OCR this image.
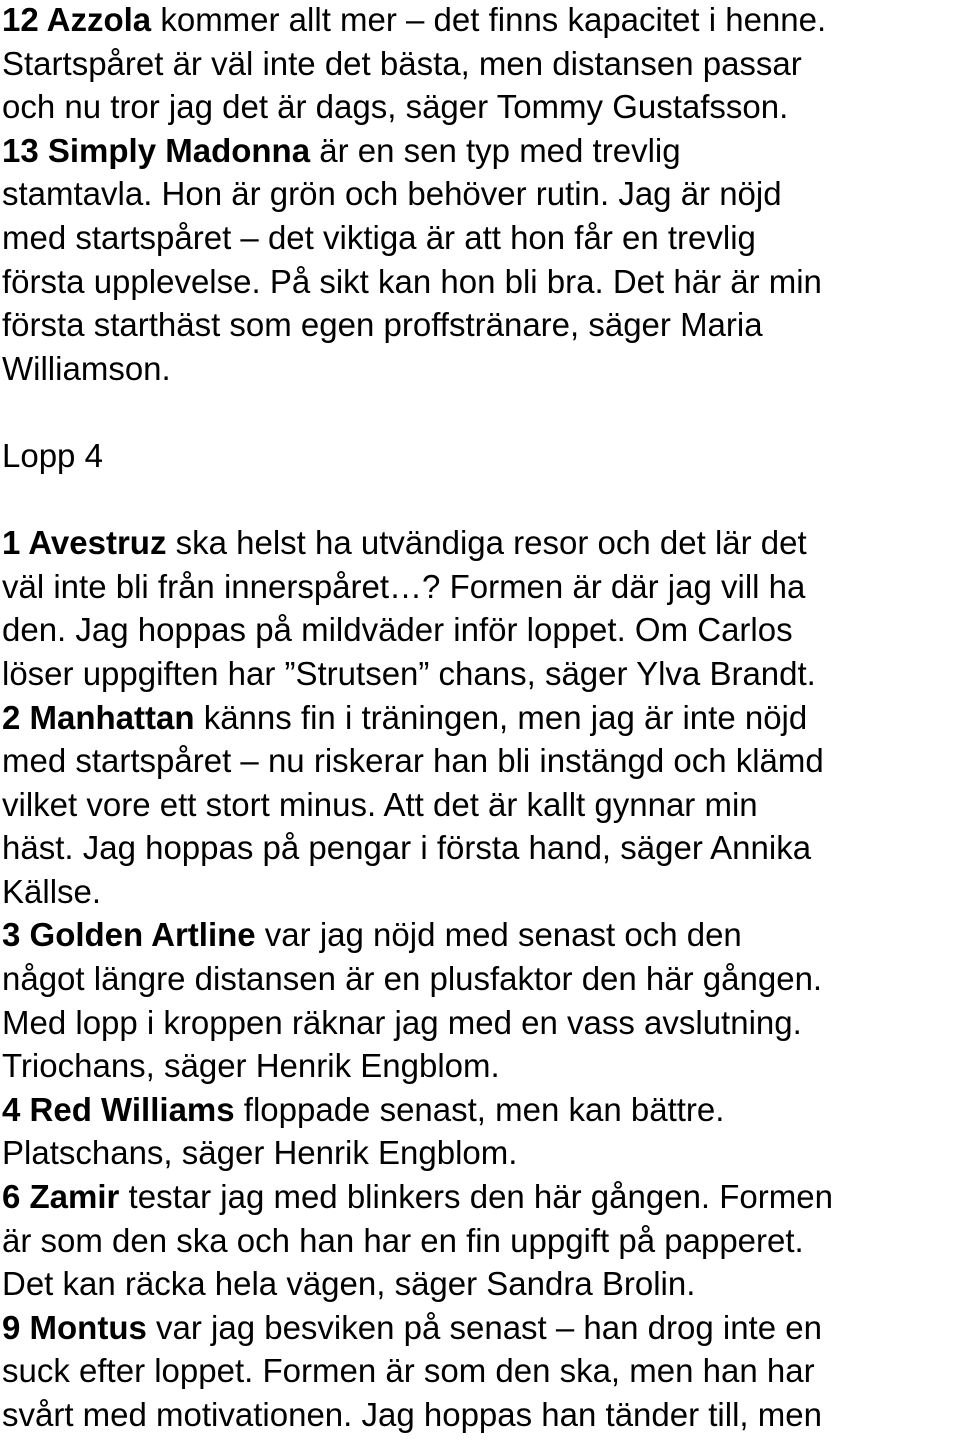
12 Azzola kommer allt mer – det finns kapacitet i henne.
Startspåret är väl inte det bästa, men distansen passar
och nu tror jag det är dags, säger Tommy Gustafsson.
13 Simply Madonna är en sen typ med trevlig
stamtavla. Hon är grön och behöver rutin. Jag är nöjd
med startspåret – det viktiga är att hon får en trevlig
första upplevelse. På sikt kan hon bli bra. Det här är min
första starthäst som egen proffstränare, säger Maria
Williamson.
Lopp 4
1 Avestruz ska helst ha utvändiga resor och det lär det
väl inte bli från innerspåret…? Formen är där jag vill ha
den. Jag hoppas på mildväder inför loppet. Om Carlos
löser uppgiften har ”Strutsen” chans, säger Ylva Brandt.
2 Manhattan känns fin i träningen, men jag är inte nöjd
med startspåret – nu riskerar han bli instängd och klämd
vilket vore ett stort minus. Att det är kallt gynnar min
häst. Jag hoppas på pengar i första hand, säger Annika
Källse.
3 Golden Artline var jag nöjd med senast och den
något längre distansen är en plusfaktor den här gången.
Med lopp i kroppen räknar jag med en vass avslutning.
Triochans, säger Henrik Engblom.
4 Red Williams floppade senast, men kan bättre.
Platschans, säger Henrik Engblom.
6 Zamir testar jag med blinkers den här gången. Formen
är som den ska och han har en fin uppgift på papperet.
Det kan räcka hela vägen, säger Sandra Brolin.
9 Montus var jag besviken på senast – han drog inte en
suck efter loppet. Formen är som den ska, men han har
svårt med motivationen. Jag hoppas han tänder till, men
